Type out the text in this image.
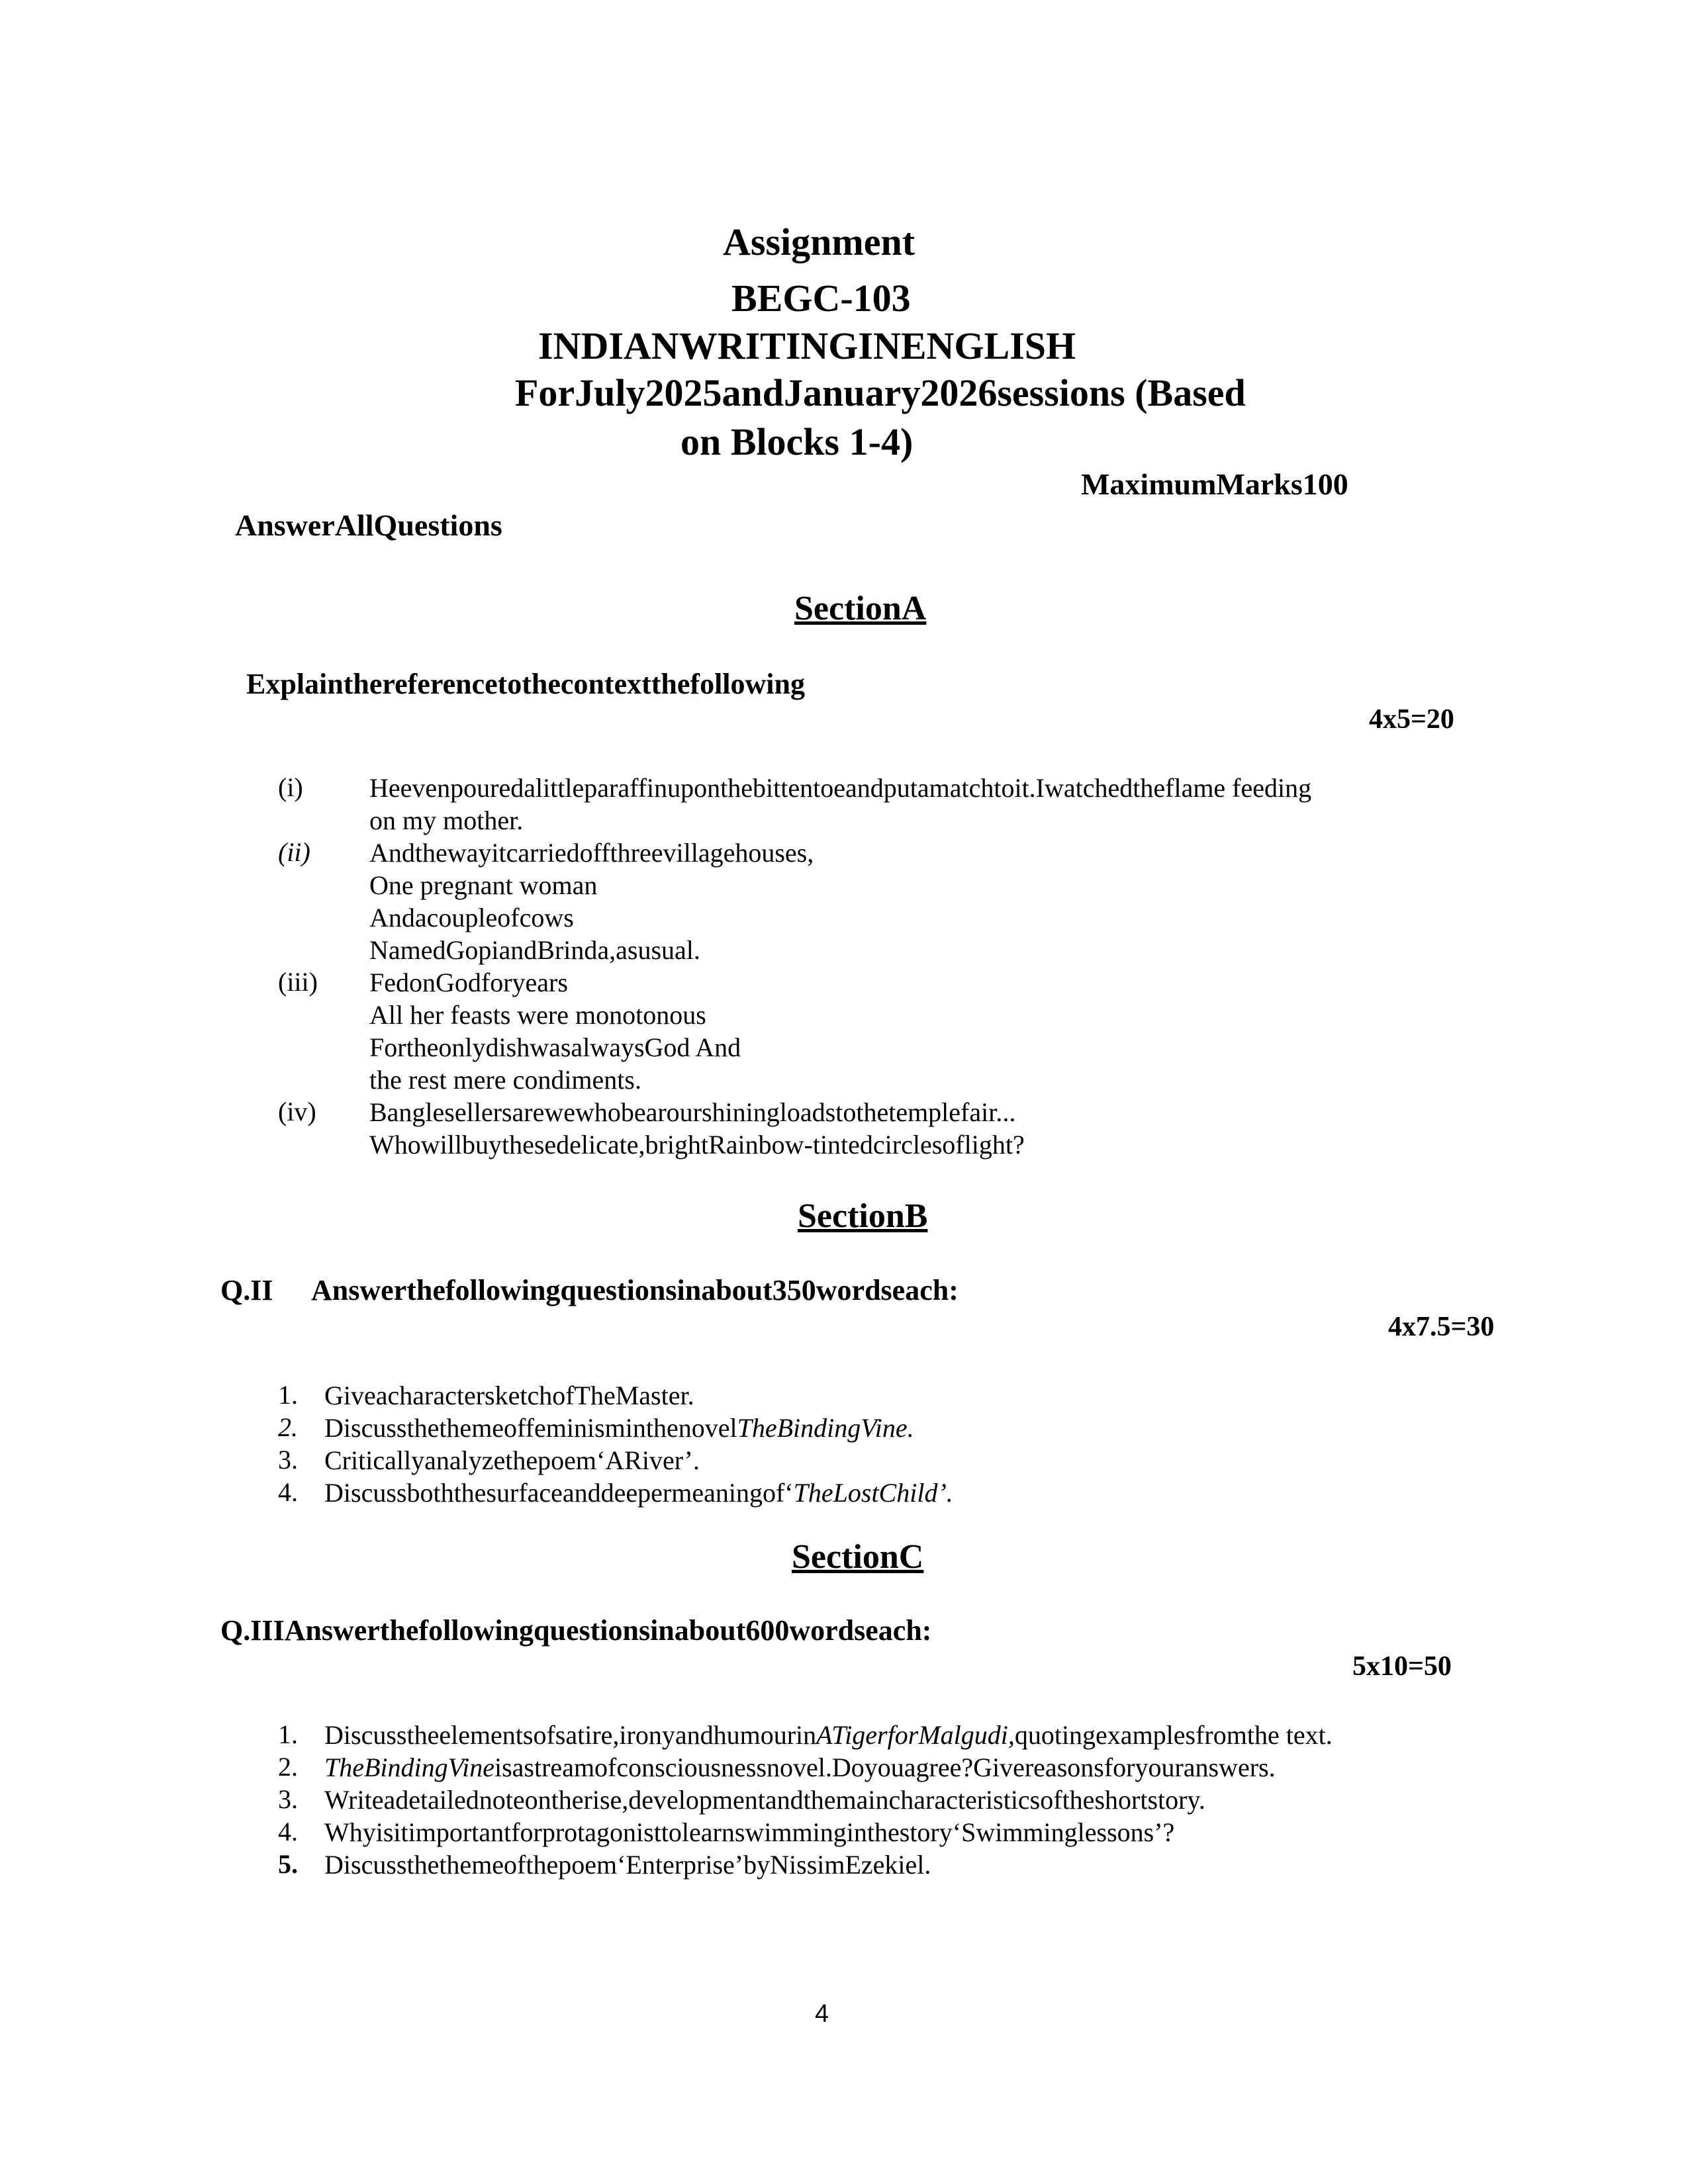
Assignment
BEGC-103
INDIANWRITINGINENGLISH
ForJuly2025andJanuary2026sessions (Based
on Blocks 1-4)
MaximumMarks100
AnswerAllQuestions
SectionA
Explainthereferencetothecontextthefollowing
4x5=20
(i)	Heevenpouredalittleparaffinuponthebittentoeandputamatchtoit.Iwatchedtheflame feeding
on my mother.
(ii) Andthewayitcarriedoffthreevillagehouses,
One pregnant woman
Andacoupleofcows
NamedGopiandBrinda,asusual.
(iii) FedonGodforyears
All her feasts were monotonous
FortheonlydishwasalwaysGod And
the rest mere condiments.
(iv) Banglesellersarewewhobearourshiningloadstothetemplefair...
Whowillbuythesedelicate,brightRainbow-tintedcirclesoflight?
SectionB
Q.II Answerthefollowingquestionsinabout350wordseach:
4x7.5=30
1. GiveacharactersketchofTheMaster.
2. DiscussthethemeoffeminisminthenovelTheBindingVine.
3. Criticallyanalyzethepoem‘ARiver’.
4. Discussboththesurfaceanddeepermeaningof‘TheLostChild’.
SectionC
Q.IIIAnswerthefollowingquestionsinabout600wordseach:
5x10=50
1. Discusstheelementsofsatire,ironyandhumourinATigerforMalgudi,quotingexamplesfromthe text.
2. TheBindingVineisastreamofconsciousnessnovel.Doyouagree?Givereasonsforyouranswers.
3. Writeadetailednoteontherise,developmentandthemaincharacteristicsoftheshortstory.
4. Whyisitimportantforprotagonisttolearnswimminginthestory‘Swimminglessons’?
5. Discussthethemeofthepoem‘Enterprise’byNissimEzekiel.
4
